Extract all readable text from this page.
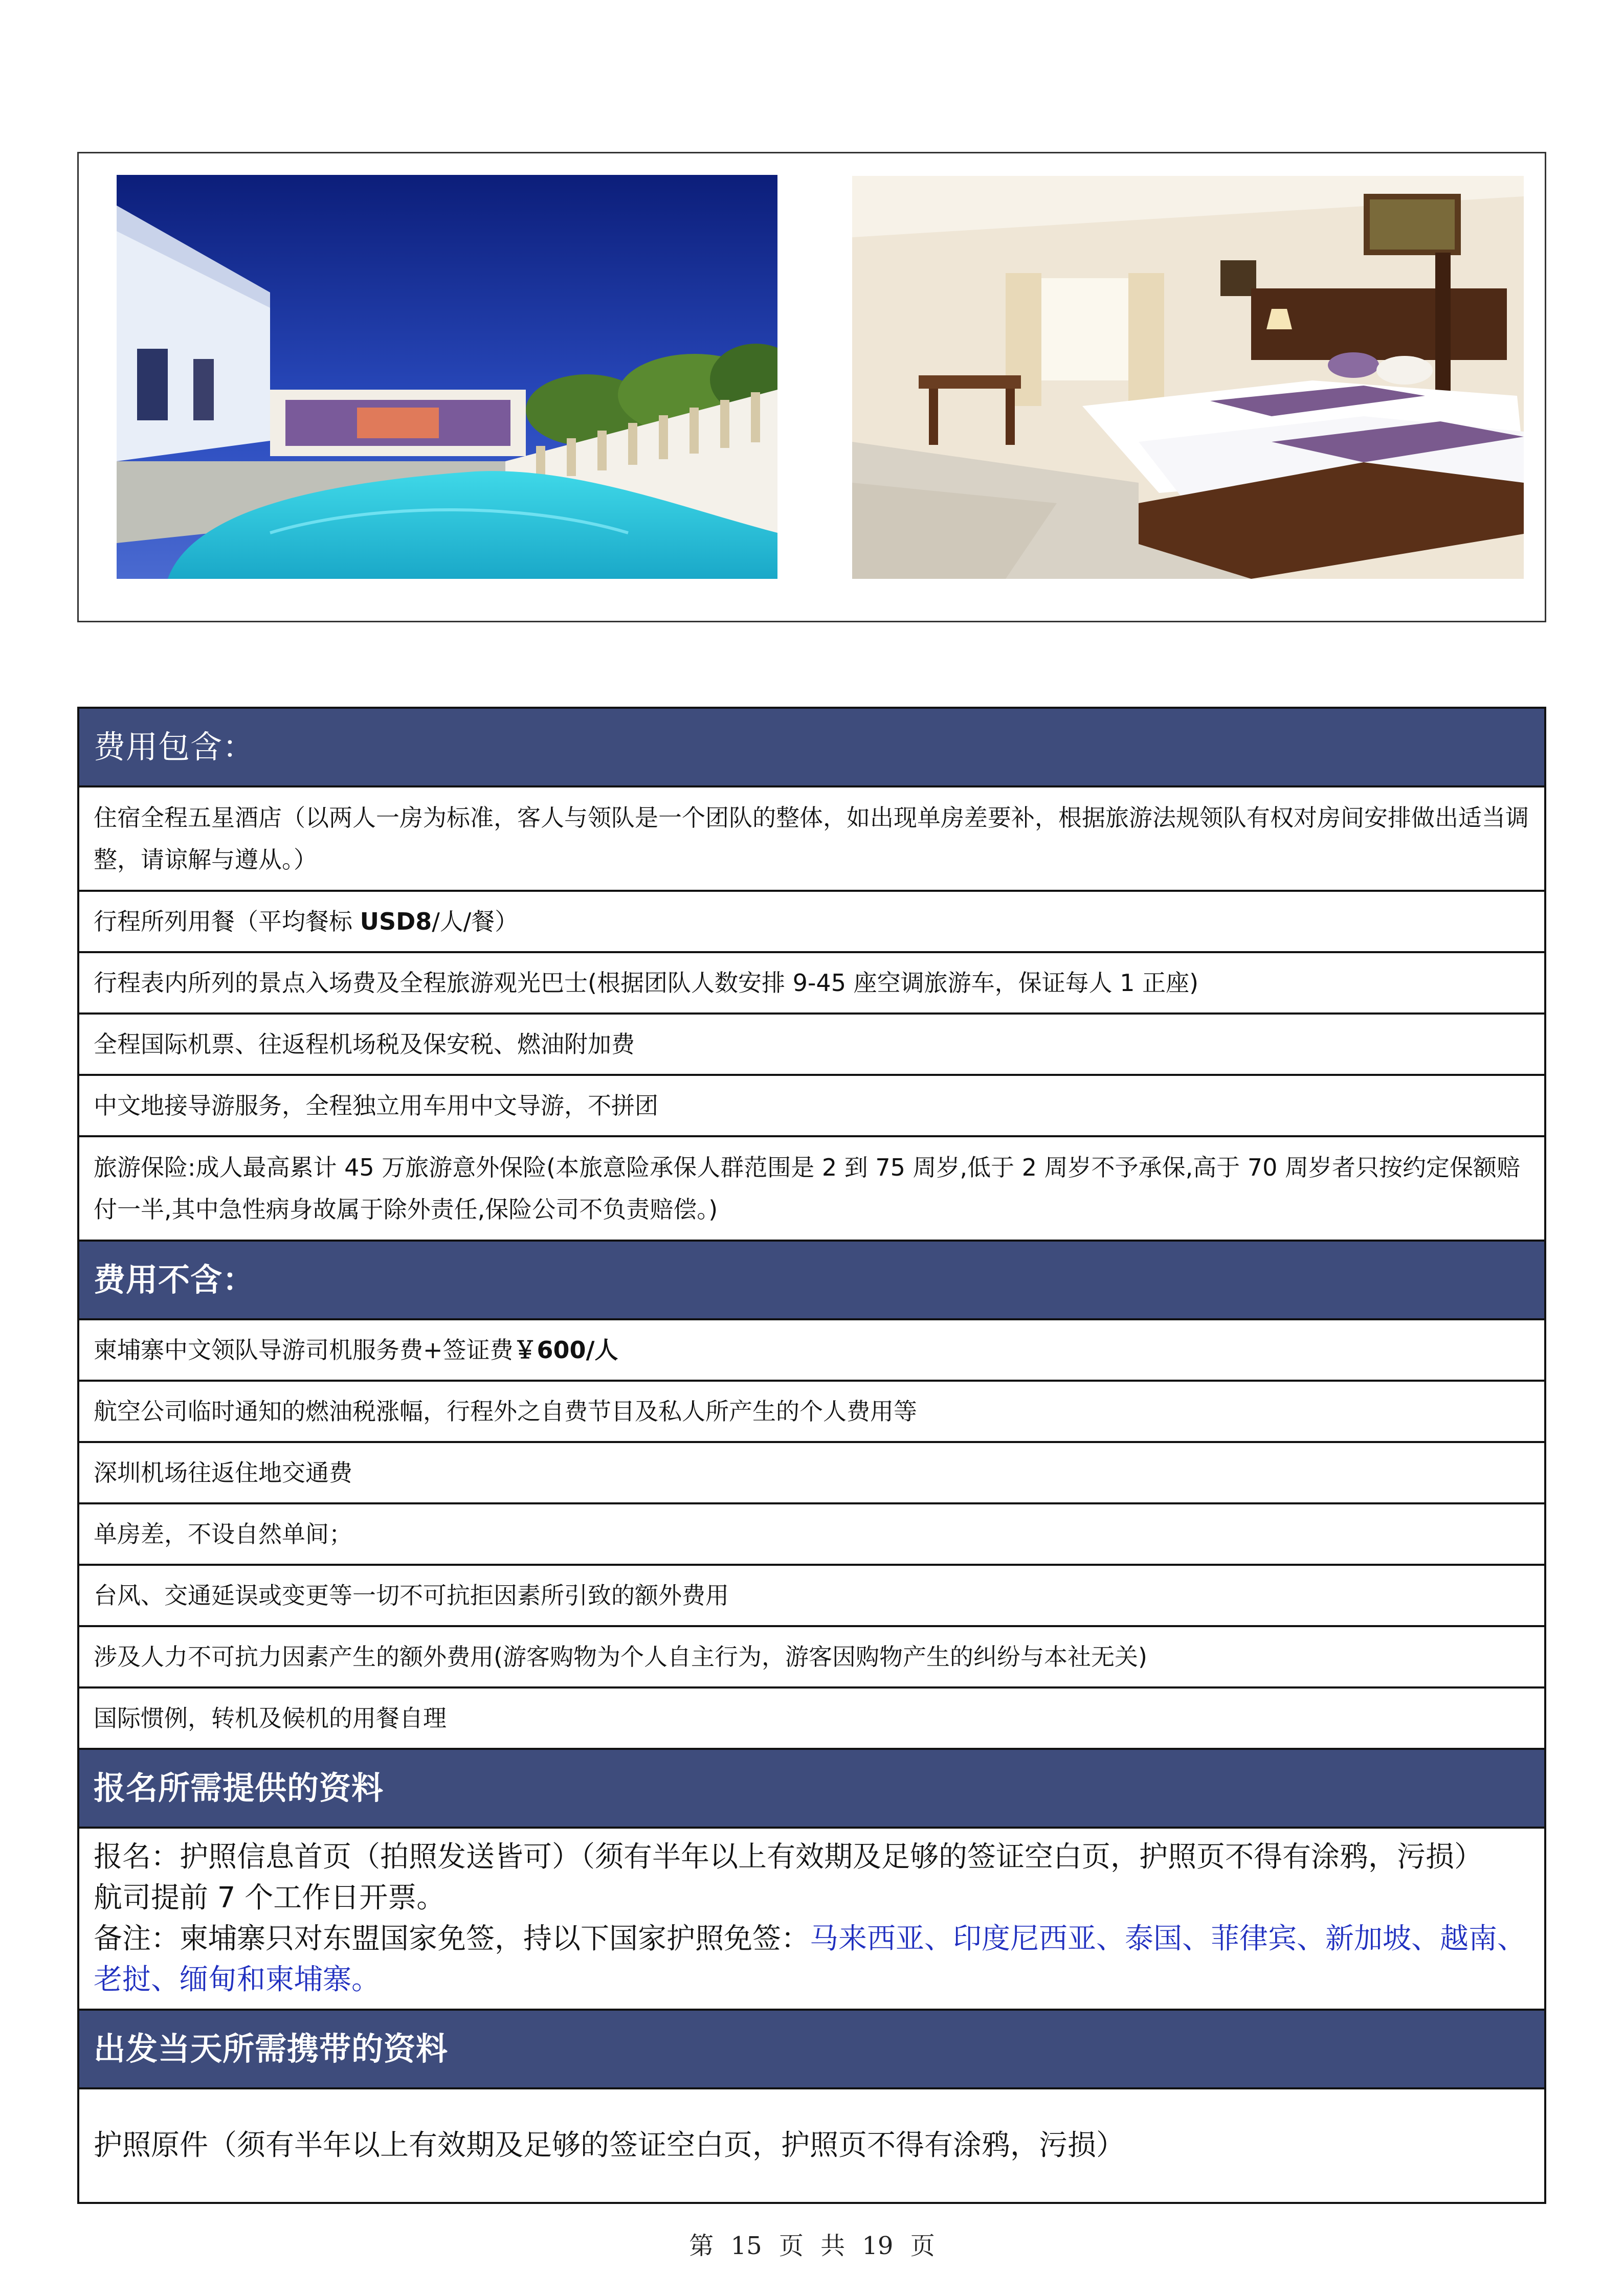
费用包含：
住宿全程五星酒店（以两人一房为标准，客人与领队是一个团队的整体，如出现单房差要补，根据旅游法规领队有权对房间安排做出适当调整，请谅解与遵从。）
行程所列用餐（平均餐标 USD8/人/餐）
行程表内所列的景点入场费及全程旅游观光巴士(根据团队人数安排 9-45 座空调旅游车，保证每人 1 正座)
全程国际机票、往返程机场税及保安税、燃油附加费
中文地接导游服务，全程独立用车用中文导游，不拼团
旅游保险:成人最高累计 45 万旅游意外保险(本旅意险承保人群范围是 2 到 75 周岁,低于 2 周岁不予承保,高于 70 周岁者只按约定保额赔付一半,其中急性病身故属于除外责任,保险公司不负责赔偿。)
费用不含：
柬埔寨中文领队导游司机服务费+签证费￥600/人
航空公司临时通知的燃油税涨幅，行程外之自费节目及私人所产生的个人费用等
深圳机场往返住地交通费
单房差，不设自然单间；
台风、交通延误或变更等一切不可抗拒因素所引致的额外费用
涉及人力不可抗力因素产生的额外费用(游客购物为个人自主行为，游客因购物产生的纠纷与本社无关)
国际惯例，转机及候机的用餐自理
报名所需提供的资料

报名：护照信息首页（拍照发送皆可）（须有半年以上有效期及足够的签证空白页，护照页不得有涂鸦，污损）
航司提前 7 个工作日开票。
备注：柬埔寨只对东盟国家免签，持以下国家护照免签：马来西亚、印度尼西亚、泰国、菲律宾、新加坡、越南、老挝、缅甸和柬埔寨。

出发当天所需携带的资料
护照原件（须有半年以上有效期及足够的签证空白页，护照页不得有涂鸦，污损）
第 15 页 共 19 页
